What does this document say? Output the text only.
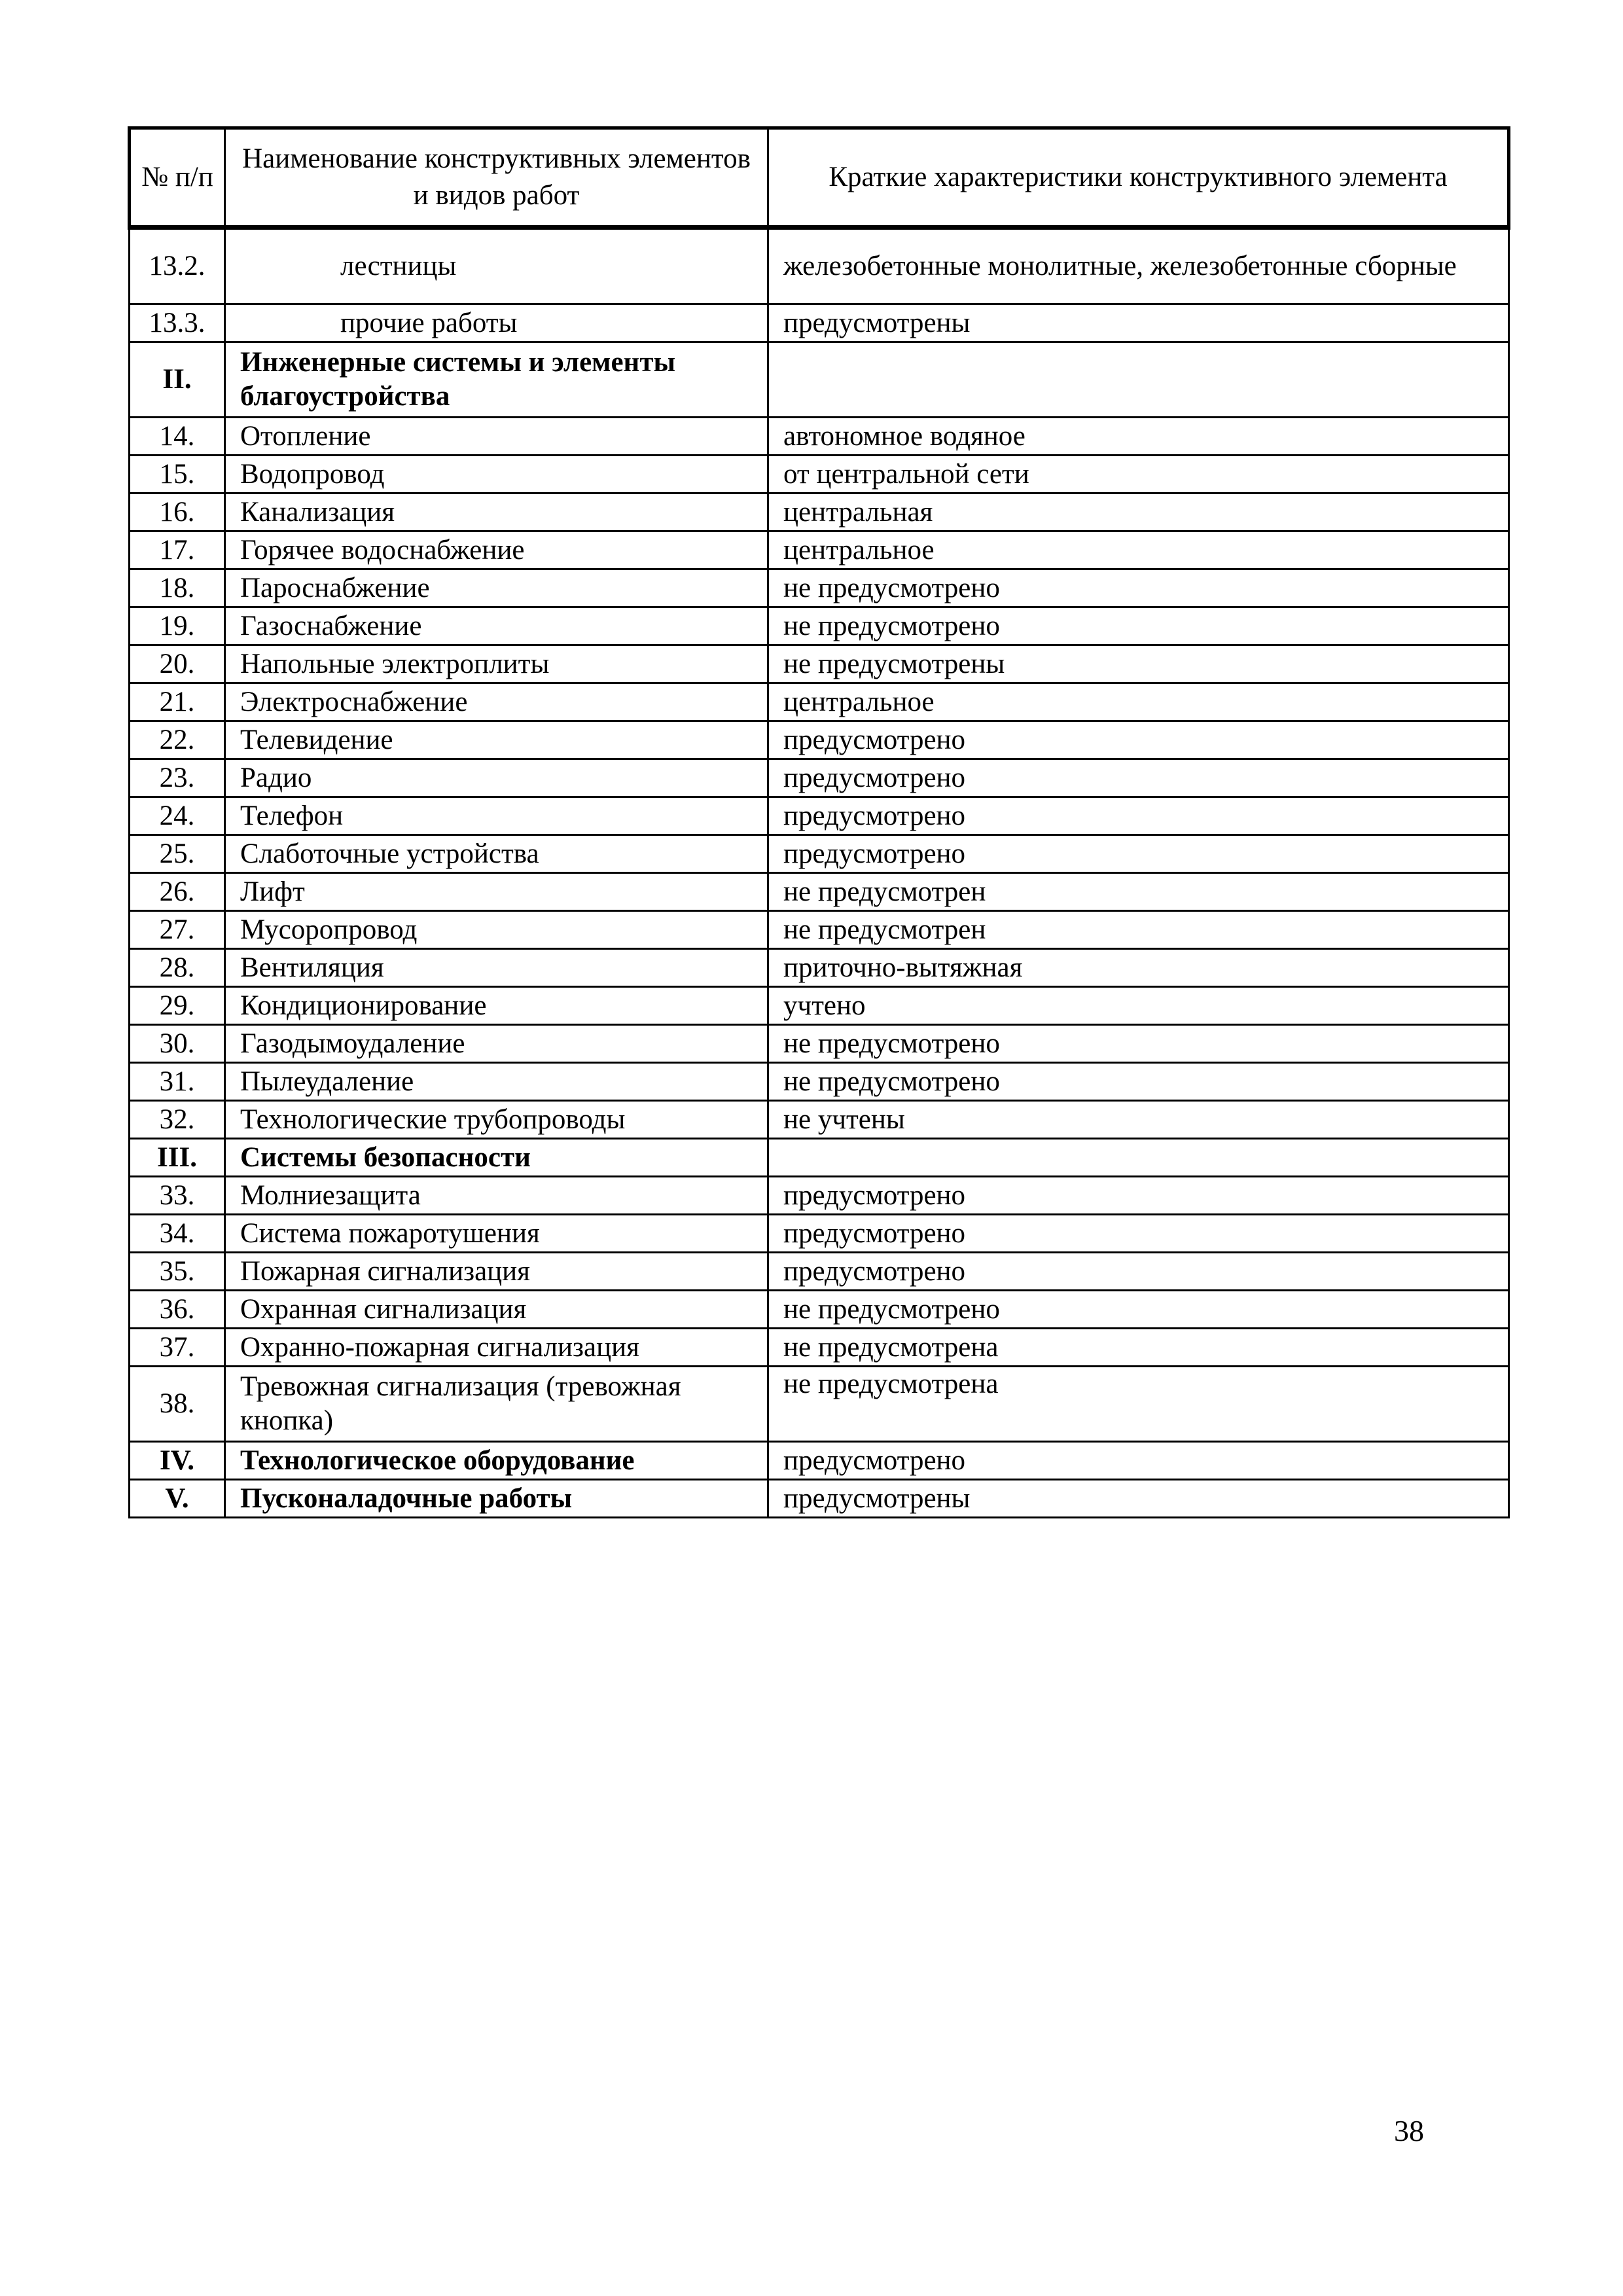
№ п/п	Наименование конструктивных элементов и видов работ	Краткие характеристики конструктивного элемента
13.2.	лестницы	железобетонные монолитные, железобетонные сборные
13.3.	прочие работы	предусмотрены
II.	Инженерные системы и элементы благоустройства	
14.	Отопление	автономное водяное
15.	Водопровод	от центральной сети
16.	Канализация	центральная
17.	Горячее водоснабжение	центральное
18.	Пароснабжение	не предусмотрено
19.	Газоснабжение	не предусмотрено
20.	Напольные электроплиты	не предусмотрены
21.	Электроснабжение	центральное
22.	Телевидение	предусмотрено
23.	Радио	предусмотрено
24.	Телефон	предусмотрено
25.	Слаботочные устройства	предусмотрено
26.	Лифт	не предусмотрен
27.	Мусоропровод	не предусмотрен
28.	Вентиляция	приточно-вытяжная
29.	Кондиционирование	учтено
30.	Газодымоудаление	не предусмотрено
31.	Пылеудаление	не предусмотрено
32.	Технологические трубопроводы	не учтены
III.	Системы безопасности	
33.	Молниезащита	предусмотрено
34.	Система пожаротушения	предусмотрено
35.	Пожарная сигнализация	предусмотрено
36.	Охранная сигнализация	не предусмотрено
37.	Охранно-пожарная сигнализация	не предусмотрена
38.	Тревожная сигнализация (тревожная кнопка)	не предусмотрена
IV.	Технологическое оборудование	предусмотрено
V.	Пусконаладочные работы	предусмотрены
38
